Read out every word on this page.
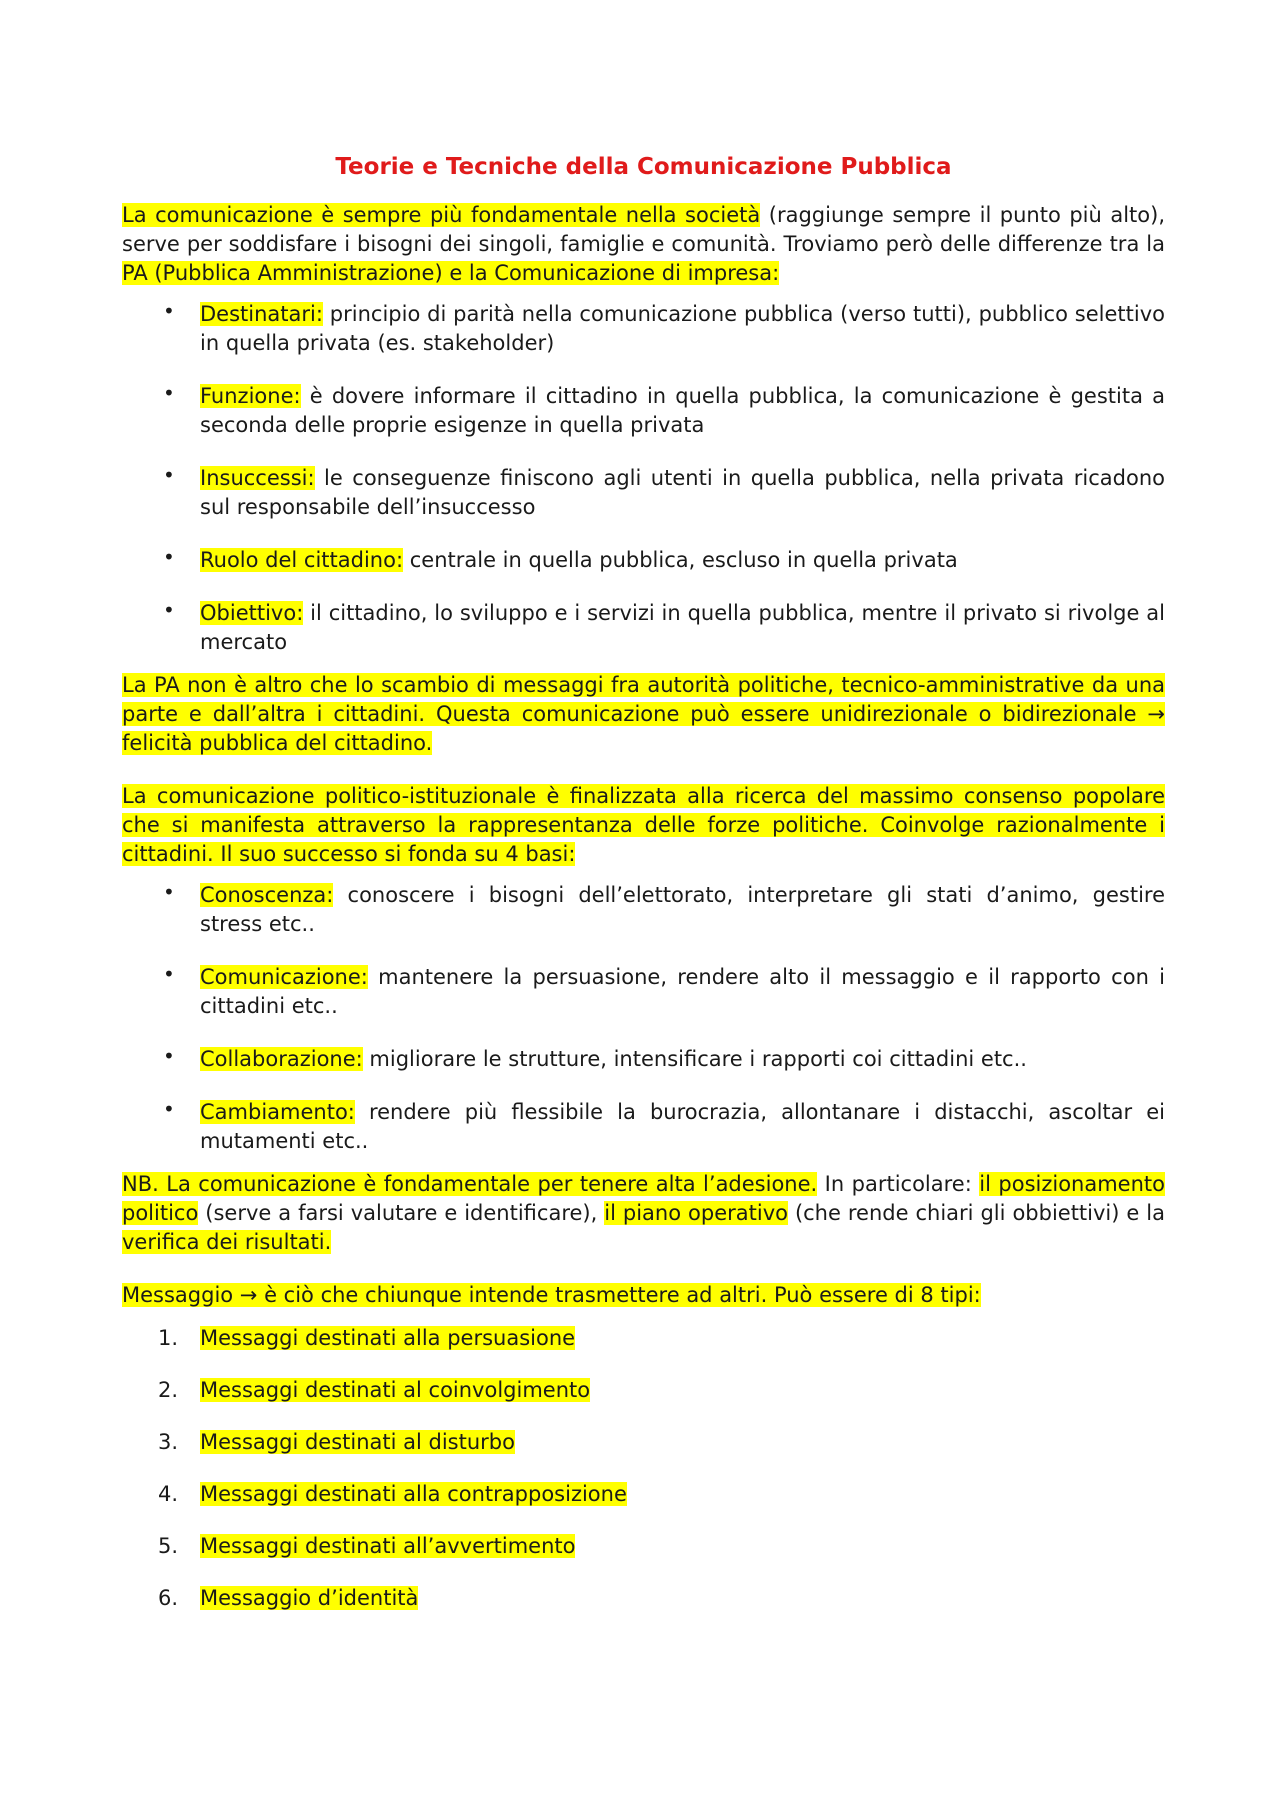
Teorie e Tecniche della Comunicazione Pubblica

La comunicazione è sempre più fondamentale nella società (raggiunge sempre il punto più alto), serve per soddisfare i bisogni dei singoli, famiglie e comunità. Troviamo però delle differenze tra la PA (Pubblica Amministrazione) e la Comunicazione di impresa:

• Destinatari: principio di parità nella comunicazione pubblica (verso tutti), pubblico selettivo in quella privata (es. stakeholder)
• Funzione: è dovere informare il cittadino in quella pubblica, la comunicazione è gestita a seconda delle proprie esigenze in quella privata
• Insuccessi: le conseguenze finiscono agli utenti in quella pubblica, nella privata ricadono sul responsabile dell’insuccesso
• Ruolo del cittadino: centrale in quella pubblica, escluso in quella privata
• Obiettivo: il cittadino, lo sviluppo e i servizi in quella pubblica, mentre il privato si rivolge al mercato

La PA non è altro che lo scambio di messaggi fra autorità politiche, tecnico-amministrative da una parte e dall’altra i cittadini. Questa comunicazione può essere unidirezionale o bidirezionale → felicità pubblica del cittadino.

La comunicazione politico-istituzionale è finalizzata alla ricerca del massimo consenso popolare che si manifesta attraverso la rappresentanza delle forze politiche. Coinvolge razionalmente i cittadini. Il suo successo si fonda su 4 basi:

• Conoscenza: conoscere i bisogni dell’elettorato, interpretare gli stati d’animo, gestire stress etc..
• Comunicazione: mantenere la persuasione, rendere alto il messaggio e il rapporto con i cittadini etc..
• Collaborazione: migliorare le strutture, intensificare i rapporti coi cittadini etc..
• Cambiamento: rendere più flessibile la burocrazia, allontanare i distacchi, ascoltar ei mutamenti etc..

NB. La comunicazione è fondamentale per tenere alta l’adesione. In particolare: il posizionamento politico (serve a farsi valutare e identificare), il piano operativo (che rende chiari gli obbiettivi) e la verifica dei risultati.

Messaggio → è ciò che chiunque intende trasmettere ad altri. Può essere di 8 tipi:

1.	Messaggi destinati alla persuasione
2.	Messaggi destinati al coinvolgimento
3.	Messaggi destinati al disturbo
4.	Messaggi destinati alla contrapposizione
5.	Messaggi destinati all’avvertimento
6.	Messaggio d’identità
